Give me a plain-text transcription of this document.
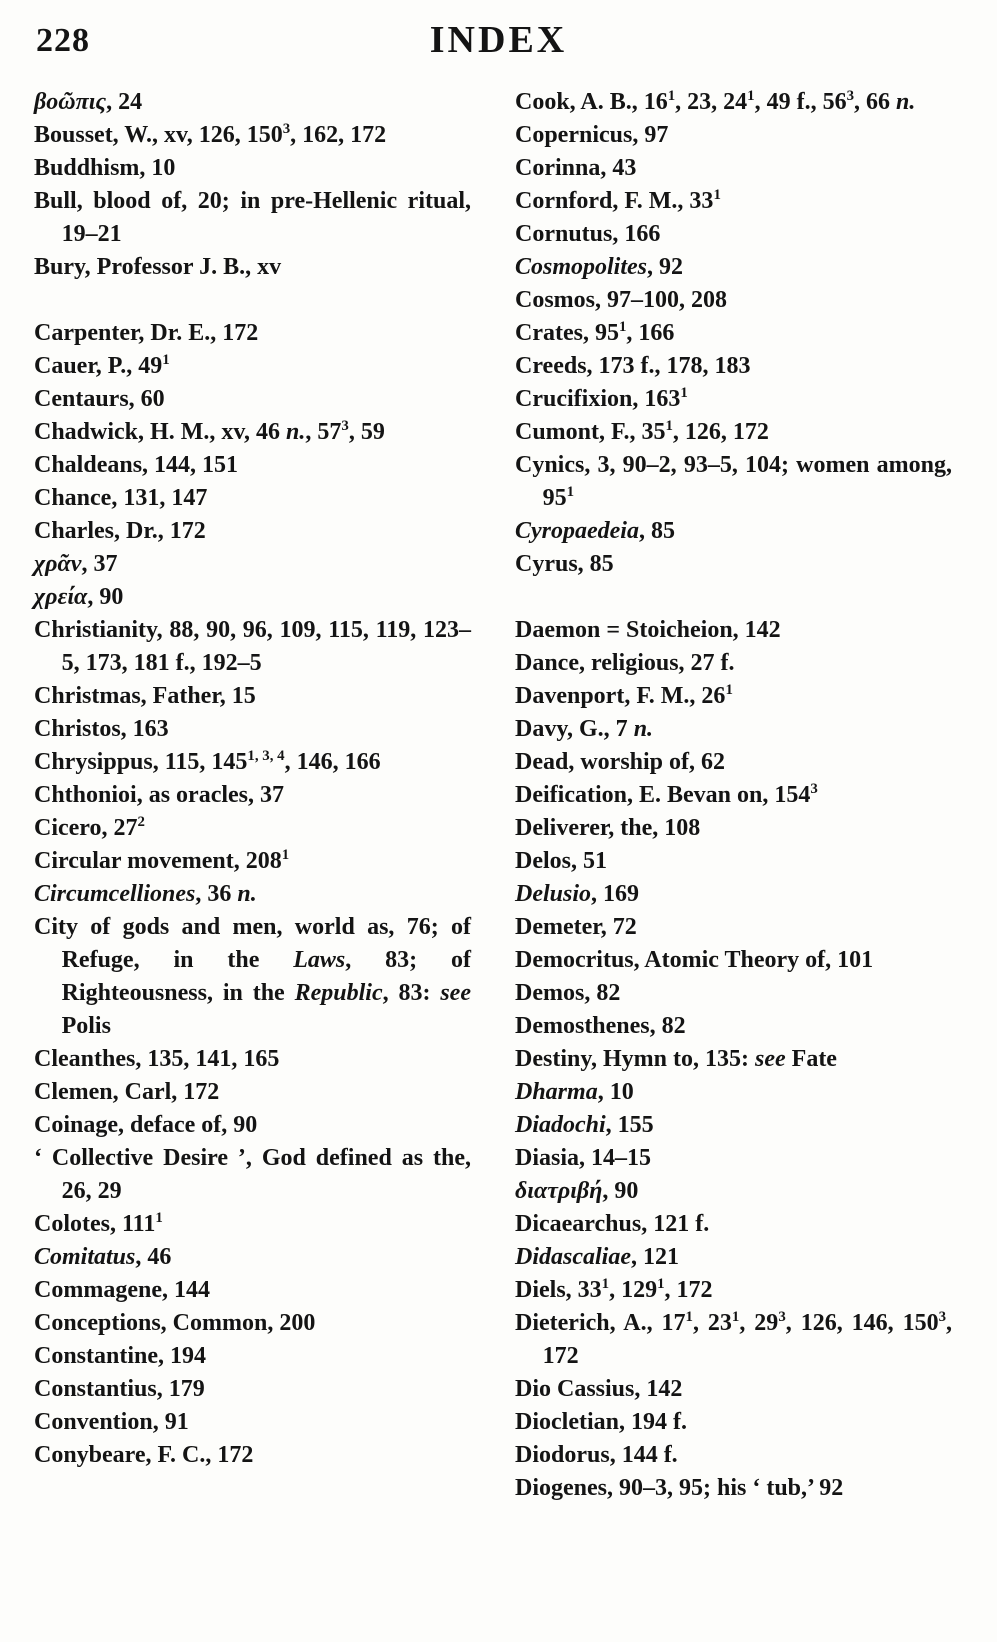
228	INDEX
βοῶπις, 24
Bousset, W., xv, 126, $150^3$, 162, 172
Buddhism, 10
Bull, blood of, 20; in pre-Hellenic ritual, 19–21
Bury, Professor J. B., xv
Carpenter, Dr. E., 172
Cauer, P., $49^1$
Centaurs, 60
Chadwick, H. M., xv, 46 n., $57^3$, 59
Chaldeans, 144, 151
Chance, 131, 147
Charles, Dr., 172
χρᾶν, 37
χρεία, 90
Christianity, 88, 90, 96, 109, 115, 119, 123–5, 173, 181 f., 192–5
Christmas, Father, 15
Christos, 163
Chrysippus, 115, 145$^{1, 3, 4}$, 146, 166
Chthonioi, as oracles, 37
Cicero, $27^2$
Circular movement, $208^1$
Circumcelliones, 36 n.
City of gods and men, world as, 76; of Refuge, in the Laws, 83; of Righteousness, in the Republic, 83: see Polis
Cleanthes, 135, 141, 165
Clemen, Carl, 172
Coinage, deface of, 90
‘ Collective Desire ’, God defined as the, 26, 29
Colotes, $111^1$
Comitatus, 46
Commagene, 144
Conceptions, Common, 200
Constantine, 194
Constantius, 179
Convention, 91
Conybeare, F. C., 172
Cook, A. B., $16^1$, 23, $24^1$, 49 f., $56^3$, 66 n.
Copernicus, 97
Corinna, 43
Cornford, F. M., $33^1$
Cornutus, 166
Cosmopolites, 92
Cosmos, 97–100, 208
Crates, $95^1$, 166
Creeds, 173 f., 178, 183
Crucifixion, $163^1$
Cumont, F., $35^1$, 126, 172
Cynics, 3, 90–2, 93–5, 104; women among, $95^1$
Cyropaedeia, 85
Cyrus, 85
Daemon = Stoicheion, 142
Dance, religious, 27 f.
Davenport, F. M., $26^1$
Davy, G., 7 n.
Dead, worship of, 62
Deification, E. Bevan on, $154^3$
Deliverer, the, 108
Delos, 51
Delusio, 169
Demeter, 72
Democritus, Atomic Theory of, 101
Demos, 82
Demosthenes, 82
Destiny, Hymn to, 135: see Fate
Dharma, 10
Diadochi, 155
Diasia, 14–15
διατριβή, 90
Dicaearchus, 121 f.
Didascaliae, 121
Diels, $33^1$, $129^1$, 172
Dieterich, A., $17^1$, $23^1$, $29^3$, 126, 146, $150^3$, 172
Dio Cassius, 142
Diocletian, 194 f.
Diodorus, 144 f.
Diogenes, 90–3, 95; his ‘ tub,’ 92
